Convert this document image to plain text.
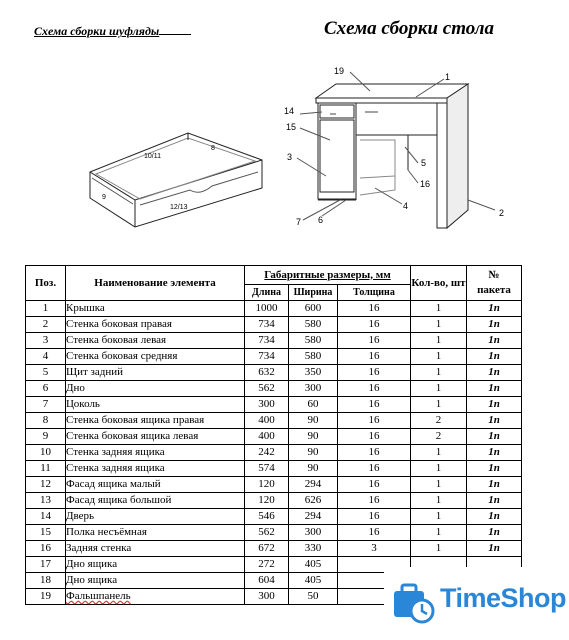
Схема сборки шуфляды	Схема сборки стола
10/11
8
9
12/13
19
1
14
15
3
5
16
4
7 6
2
Поз.	Наименование элемента	Габаритные размеры, мм			Кол-во, шт	№
пакета

		Длина	Ширина	Толщина		
1	Крышка	1000	600	16	1	1п
2	Стенка боковая правая	734	580	16	1	1п
3	Стенка боковая левая	734	580	16	1	1п
4	Стенка боковая средняя	734	580	16	1	1п
5	Щит задний	632	350	16	1	1п
6	Дно	562	300	16	1	1п
7	Цоколь	300	60	16	1	1п
8	Стенка боковая ящика правая	400	90	16	2	1п
9	Стенка боковая ящика левая	400	90	16	2	1п
10	Стенка задняя ящика	242	90	16	1	1п
11	Стенка задняя ящика	574	90	16	1	1п
12	Фасад ящика малый	120	294	16	1	1п
13	Фасад ящика большой	120	626	16	1	1п
14	Дверь	546	294	16	1	1п
15	Полка несъёмная	562	300	16	1	1п
16	Задняя стенка	672	330	3	1	1п
17	Дно ящика	272	405			
18	Дно ящика	604	405			
19	Фальшпанель	300	50				TimeShop
